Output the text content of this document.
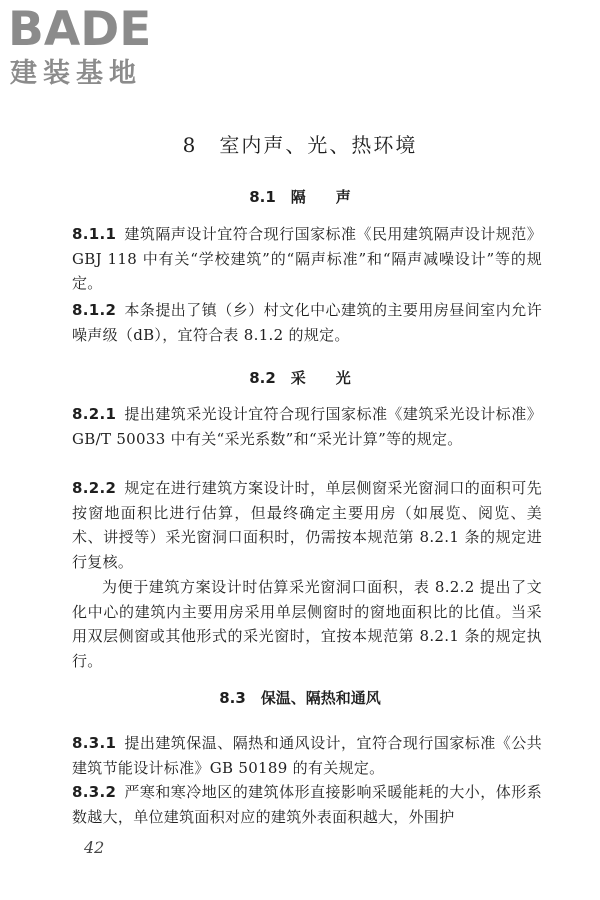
BADE
建装基地
8　室内声、光、热环境
8.1　隔　　声
8.1.1 建筑隔声设计宜符合现行国家标准《民用建筑隔声设计规范》GBJ 118 中有关“学校建筑”的“隔声标准”和“隔声减噪设计”等的规定。
8.1.2 本条提出了镇（乡）村文化中心建筑的主要用房昼间室内允许噪声级（dB），宜符合表 8.1.2 的规定。
8.2　采　　光
8.2.1 提出建筑采光设计宜符合现行国家标准《建筑采光设计标准》GB/T 50033 中有关“采光系数”和“采光计算”等的规定。
8.2.2 规定在进行建筑方案设计时，单层侧窗采光窗洞口的面积可先按窗地面积比进行估算，但最终确定主要用房（如展览、阅览、美术、讲授等）采光窗洞口面积时，仍需按本规范第 8.2.1 条的规定进行复核。
为便于建筑方案设计时估算采光窗洞口面积，表 8.2.2 提出了文化中心的建筑内主要用房采用单层侧窗时的窗地面积比的比值。当采用双层侧窗或其他形式的采光窗时，宜按本规范第 8.2.1 条的规定执行。
8.3　保温、隔热和通风
8.3.1 提出建筑保温、隔热和通风设计，宜符合现行国家标准《公共建筑节能设计标准》GB 50189 的有关规定。
8.3.2 严寒和寒冷地区的建筑体形直接影响采暖能耗的大小，体形系数越大，单位建筑面积对应的建筑外表面积越大，外围护
42
